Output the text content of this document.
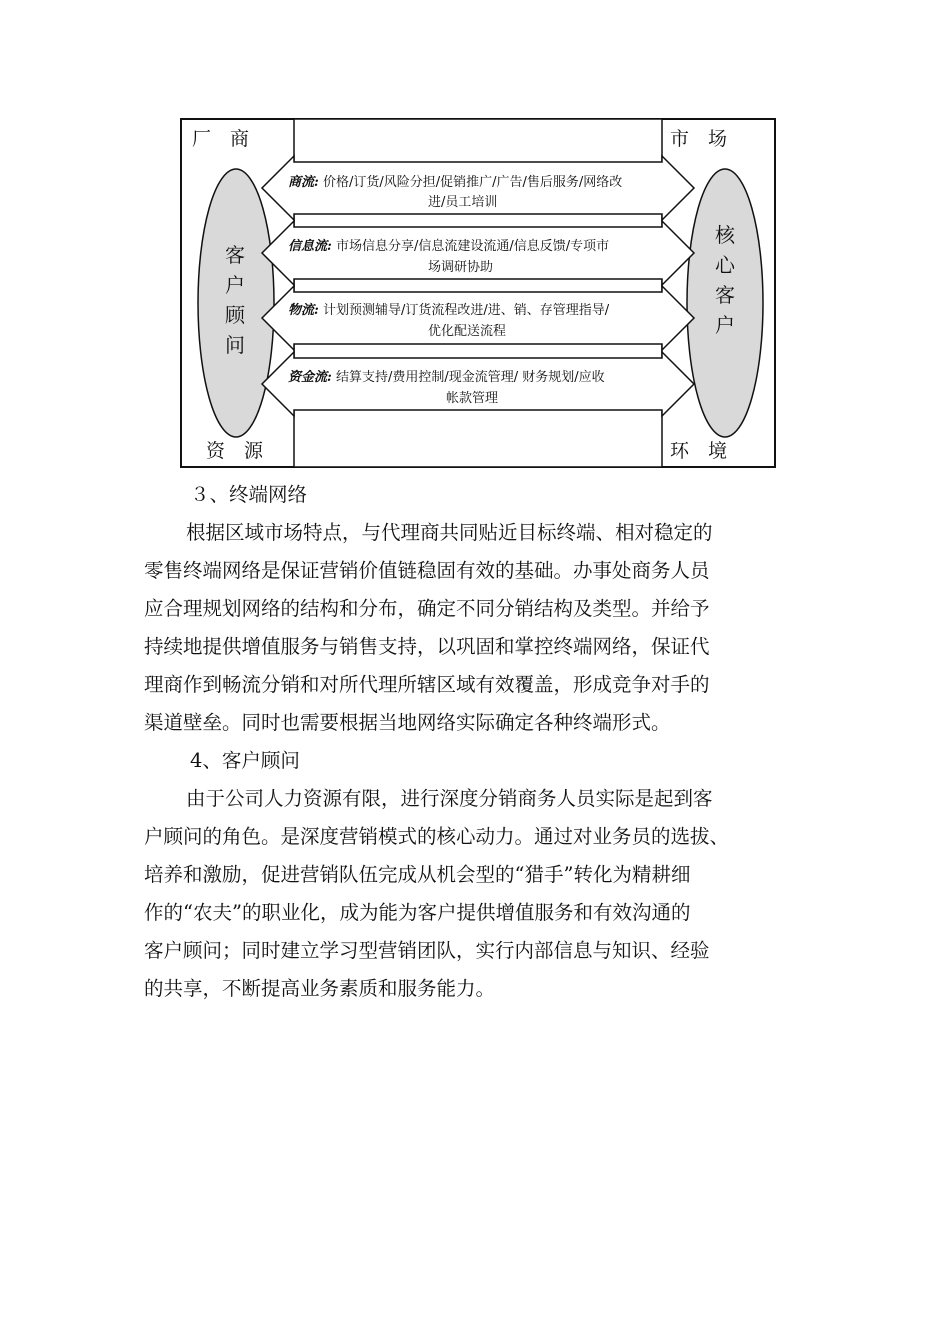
厂　商	市　场
资　源	环　境
客户顾问
核心客户
商流: 价格/订货/风险分担/促销推广/广告/售后服务/网络改
进/员工培训
信息流: 市场信息分享/信息流建设流通/信息反馈/专项市
场调研协助
物流: 计划预测辅导/订货流程改进/进、销、存管理指导/
优化配送流程
资金流: 结算支持/费用控制/现金流管理/ 财务规划/应收
帐款管理

３、终端网络

根据区域市场特点，与代理商共同贴近目标终端、相对稳定的

零售终端网络是保证营销价值链稳固有效的基础。办事处商务人员

应合理规划网络的结构和分布，确定不同分销结构及类型。并给予

持续地提供增值服务与销售支持，以巩固和掌控终端网络，保证代

理商作到畅流分销和对所代理所辖区域有效覆盖，形成竞争对手的

渠道壁垒。同时也需要根据当地网络实际确定各种终端形式。

4、客户顾问

由于公司人力资源有限，进行深度分销商务人员实际是起到客

户顾问的角色。是深度营销模式的核心动力。通过对业务员的选拔、

培养和激励，促进营销队伍完成从机会型的“猎手”转化为精耕细

作的“农夫”的职业化，成为能为客户提供增值服务和有效沟通的

客户顾问；同时建立学习型营销团队，实行内部信息与知识、经验

的共享，不断提高业务素质和服务能力。
